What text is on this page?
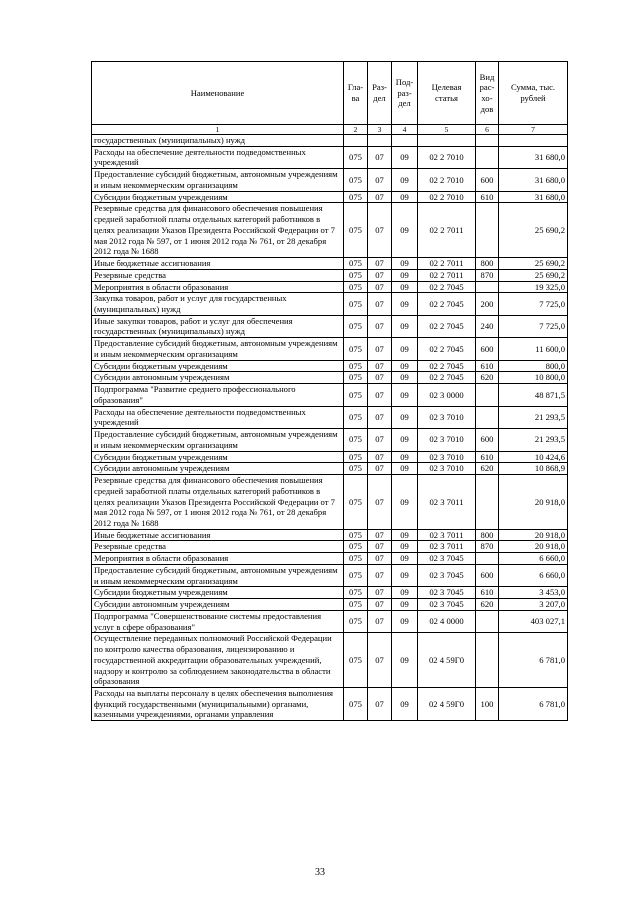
Наименование	Гла-ва	Раз-дел	Под-раз-дел	Целевая статья	Вид рас-хо-дов	Сумма, тыс. рублей
1	2	3	4	5	6	7
государственных (муниципальных) нужд						
Расходы на обеспечение деятельности подведомственных учреждений	075	07	09	02 2 7010		31 680,0
Предоставление субсидий бюджетным, автономным учреждениям и иным некоммерческим организациям	075	07	09	02 2 7010	600	31 680,0
Субсидии бюджетным учреждениям	075	07	09	02 2 7010	610	31 680,0
Резервные средства для финансового обеспечения повышения средней заработной платы отдельных категорий работников в целях реализации Указов Президента Российской Федерации от 7 мая 2012 года № 597, от 1 июня 2012 года № 761, от 28 декабря 2012 года № 1688	075	07	09	02 2 7011		25 690,2
Иные бюджетные ассигнования	075	07	09	02 2 7011	800	25 690,2
Резервные средства	075	07	09	02 2 7011	870	25 690,2
Мероприятия в области образования	075	07	09	02 2 7045		19 325,0
Закупка товаров, работ и услуг для государственных (муниципальных) нужд	075	07	09	02 2 7045	200	7 725,0
Иные закупки товаров, работ и услуг для обеспечения государственных (муниципальных) нужд	075	07	09	02 2 7045	240	7 725,0
Предоставление субсидий бюджетным, автономным учреждениям и иным некоммерческим организациям	075	07	09	02 2 7045	600	11 600,0
Субсидии бюджетным учреждениям	075	07	09	02 2 7045	610	800,0
Субсидии автономным учреждениям	075	07	09	02 2 7045	620	10 800,0
Подпрограмма "Развитие среднего профессионального образования"	075	07	09	02 3 0000		48 871,5
Расходы на обеспечение деятельности подведомственных учреждений	075	07	09	02 3 7010		21 293,5
Предоставление субсидий бюджетным, автономным учреждениям и иным некоммерческим организациям	075	07	09	02 3 7010	600	21 293,5
Субсидии бюджетным учреждениям	075	07	09	02 3 7010	610	10 424,6
Субсидии автономным учреждениям	075	07	09	02 3 7010	620	10 868,9
Резервные средства для финансового обеспечения повышения средней заработной платы отдельных категорий работников в целях реализации Указов Президента Российской Федерации от 7 мая 2012 года № 597, от 1 июня 2012 года № 761, от 28 декабря 2012 года № 1688	075	07	09	02 3 7011		20 918,0
Иные бюджетные ассигнования	075	07	09	02 3 7011	800	20 918,0
Резервные средства	075	07	09	02 3 7011	870	20 918,0
Мероприятия в области образования	075	07	09	02 3 7045		6 660,0
Предоставление субсидий бюджетным, автономным учреждениям и иным некоммерческим организациям	075	07	09	02 3 7045	600	6 660,0
Субсидии бюджетным учреждениям	075	07	09	02 3 7045	610	3 453,0
Субсидии автономным учреждениям	075	07	09	02 3 7045	620	3 207,0
Подпрограмма "Совершенствование системы предоставления услуг в сфере образования"	075	07	09	02 4 0000		403 027,1
Осуществление переданных полномочий Российской Федерации по контролю качества образования, лицензированию и государственной аккредитации образовательных учреждений, надзору и контролю за соблюдением законодательства в области образования	075	07	09	02 4 59Г0		6 781,0
Расходы на выплаты персоналу в целях обеспечения выполнения функций государственными (муниципальными) органами, казенными учреждениями, органами управления	075	07	09	02 4 59Г0	100	6 781,0
33
